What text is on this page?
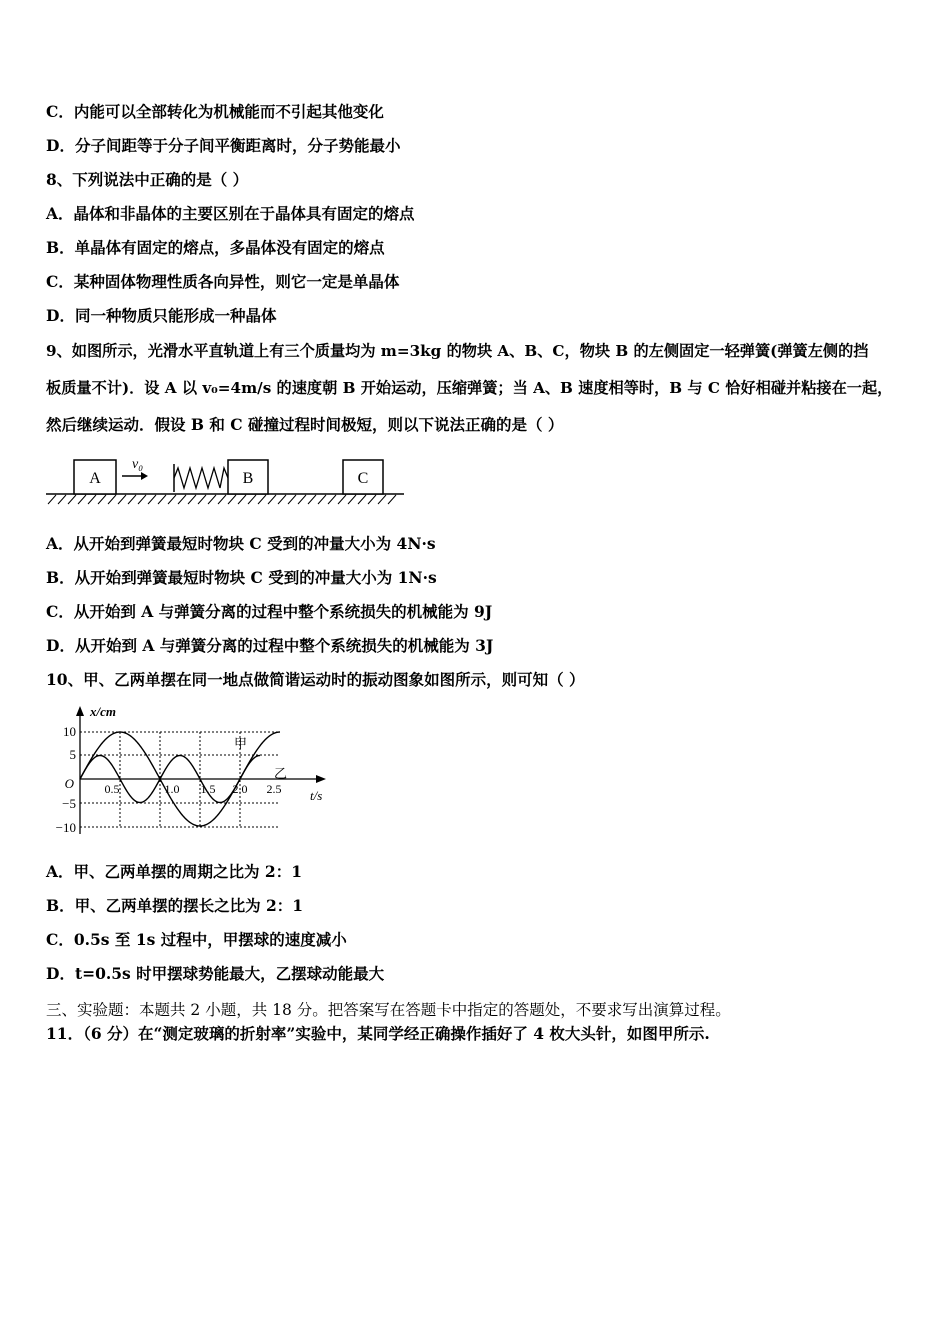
C．内能可以全部转化为机械能而不引起其他变化
D．分子间距等于分子间平衡距离时，分子势能最小
8、下列说法中正确的是（ ）
A．晶体和非晶体的主要区别在于晶体具有固定的熔点
B．单晶体有固定的熔点，多晶体没有固定的熔点
C．某种固体物理性质各向异性，则它一定是单晶体
D．同一种物质只能形成一种晶体
9、如图所示，光滑水平直轨道上有三个质量均为 m=3kg 的物块 A、B、C，物块 B 的左侧固定一轻弹簧(弹簧左侧的挡
板质量不计)．设 A 以 v₀=4m/s 的速度朝 B 开始运动，压缩弹簧；当 A、B 速度相等时，B 与 C 恰好相碰并粘接在一起，
然后继续运动．假设 B 和 C 碰撞过程时间极短，则以下说法正确的是（ ）
A
v₀
B	C
A．从开始到弹簧最短时物块 C 受到的冲量大小为 4N·s
B．从开始到弹簧最短时物块 C 受到的冲量大小为 1N·s
C．从开始到 A 与弹簧分离的过程中整个系统损失的机械能为 9J
D．从开始到 A 与弹簧分离的过程中整个系统损失的机械能为 3J
10、甲、乙两单摆在同一地点做简谐运动时的振动图象如图所示，则可知（ ）
x/cm
t/s
O
10
5
−5
−10
0.5	1.0 1.5 2.0 2.5
甲
乙
A．甲、乙两单摆的周期之比为 2：1
B．甲、乙两单摆的摆长之比为 2：1
C．0.5s 至 1s 过程中，甲摆球的速度减小
D．t=0.5s 时甲摆球势能最大，乙摆球动能最大
三、实验题：本题共 2 小题，共 18 分。把答案写在答题卡中指定的答题处，不要求写出演算过程。
11．（6 分）在“测定玻璃的折射率”实验中，某同学经正确操作插好了 4 枚大头针，如图甲所示.
